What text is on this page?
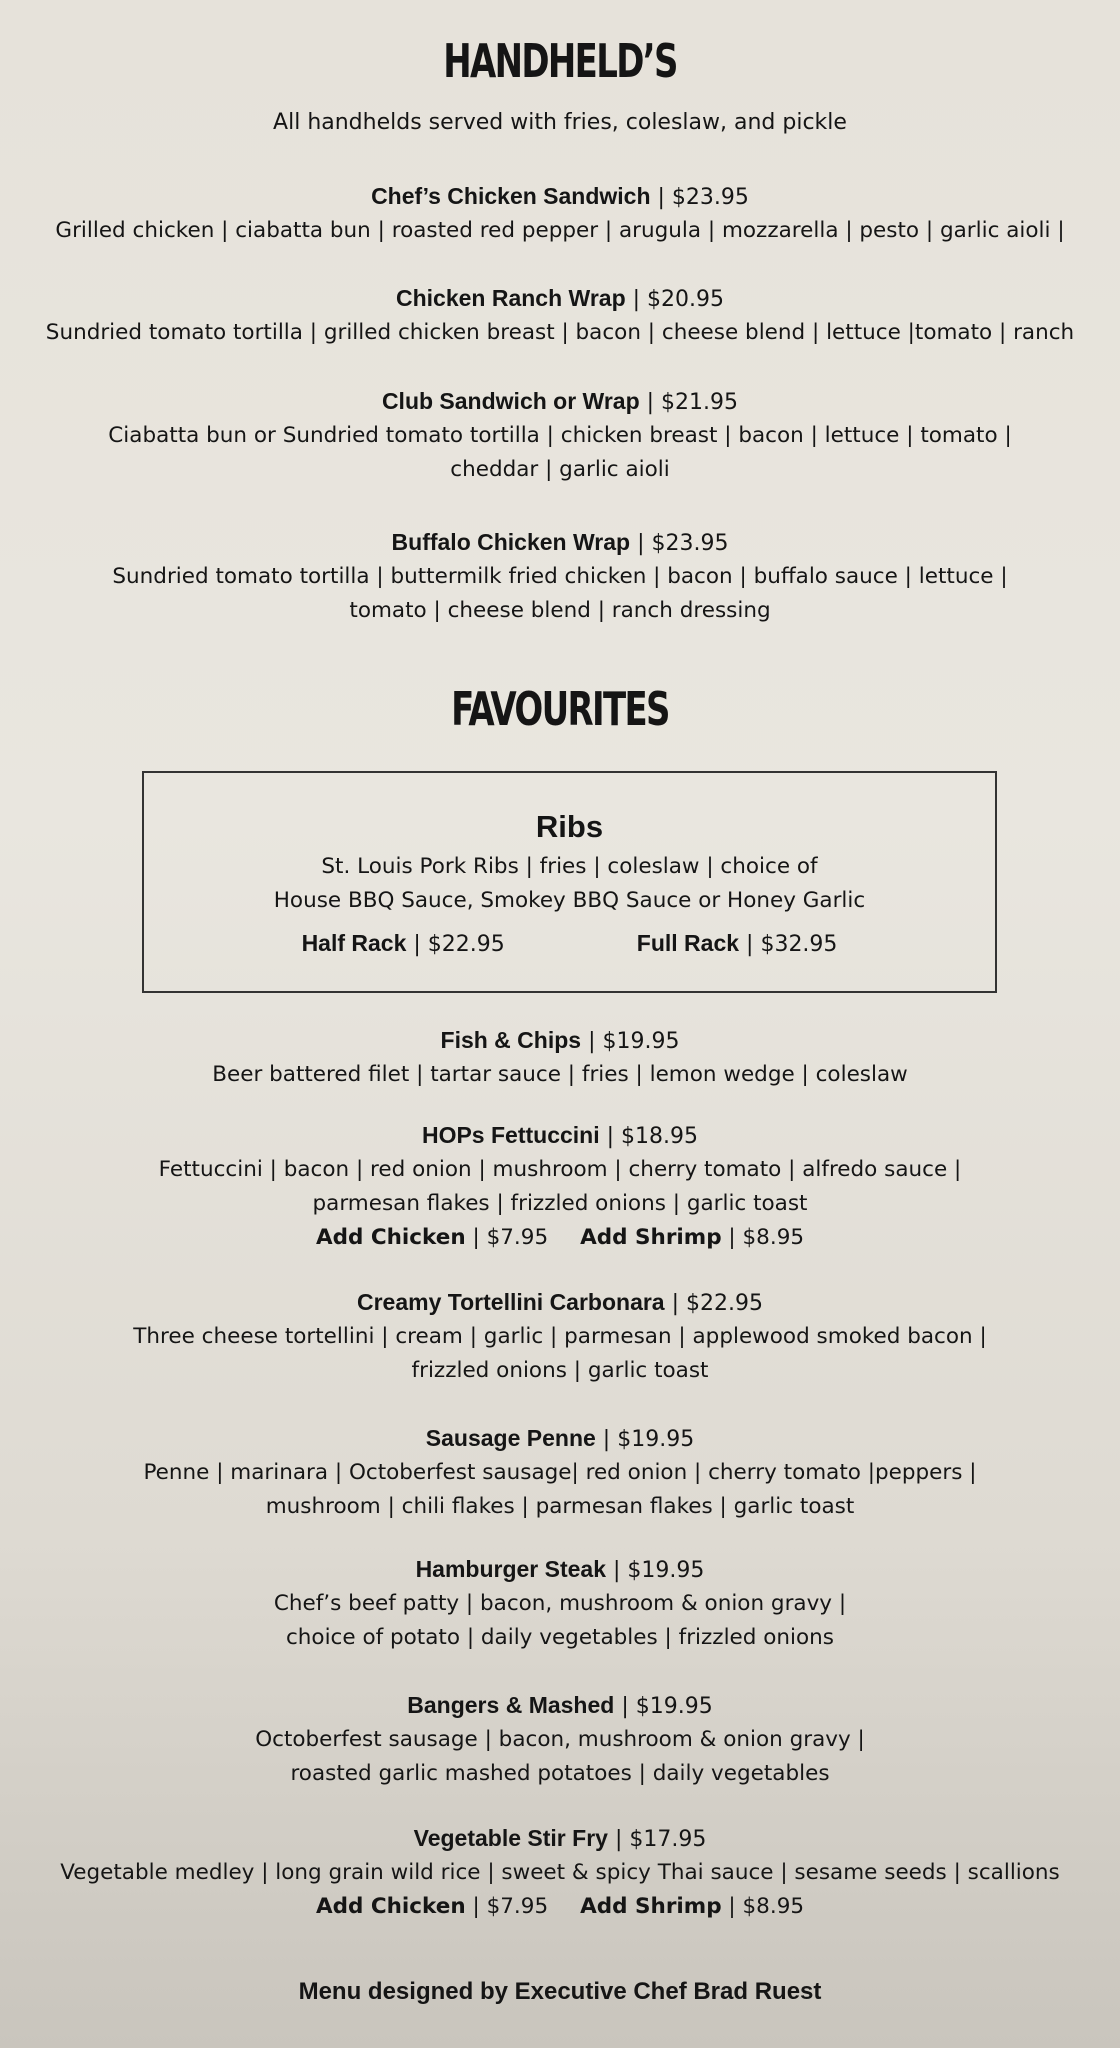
HANDHELD’S
All handhelds served with fries, coleslaw, and pickle
Chef’s Chicken Sandwich | $23.95
Grilled chicken | ciabatta bun | roasted red pepper | arugula | mozzarella | pesto | garlic aioli |
Chicken Ranch Wrap | $20.95
Sundried tomato tortilla | grilled chicken breast | bacon | cheese blend | lettuce |tomato | ranch
Club Sandwich or Wrap | $21.95
Ciabatta bun or Sundried tomato tortilla | chicken breast | bacon | lettuce | tomato |
cheddar | garlic aioli
Buffalo Chicken Wrap | $23.95
Sundried tomato tortilla | buttermilk fried chicken | bacon | buffalo sauce | lettuce |
tomato | cheese blend | ranch dressing
FAVOURITES
Ribs
St. Louis Pork Ribs | fries | coleslaw | choice of
House BBQ Sauce, Smokey BBQ Sauce or Honey Garlic
Half Rack | $22.95	Full Rack | $32.95
Fish & Chips | $19.95
Beer battered filet | tartar sauce | fries | lemon wedge | coleslaw
HOPs Fettuccini | $18.95
Fettuccini | bacon | red onion | mushroom | cherry tomato | alfredo sauce |
parmesan flakes | frizzled onions | garlic toast
Add Chicken | $7.95 Add Shrimp | $8.95
Creamy Tortellini Carbonara | $22.95
Three cheese tortellini | cream | garlic | parmesan | applewood smoked bacon |
frizzled onions | garlic toast
Sausage Penne | $19.95
Penne | marinara | Octoberfest sausage| red onion | cherry tomato |peppers |
mushroom | chili flakes | parmesan flakes | garlic toast
Hamburger Steak | $19.95
Chef’s beef patty | bacon, mushroom & onion gravy |
choice of potato | daily vegetables | frizzled onions
Bangers & Mashed | $19.95
Octoberfest sausage | bacon, mushroom & onion gravy |
roasted garlic mashed potatoes | daily vegetables
Vegetable Stir Fry | $17.95
Vegetable medley | long grain wild rice | sweet & spicy Thai sauce | sesame seeds | scallions
Add Chicken | $7.95 Add Shrimp | $8.95
Menu designed by Executive Chef Brad Ruest
